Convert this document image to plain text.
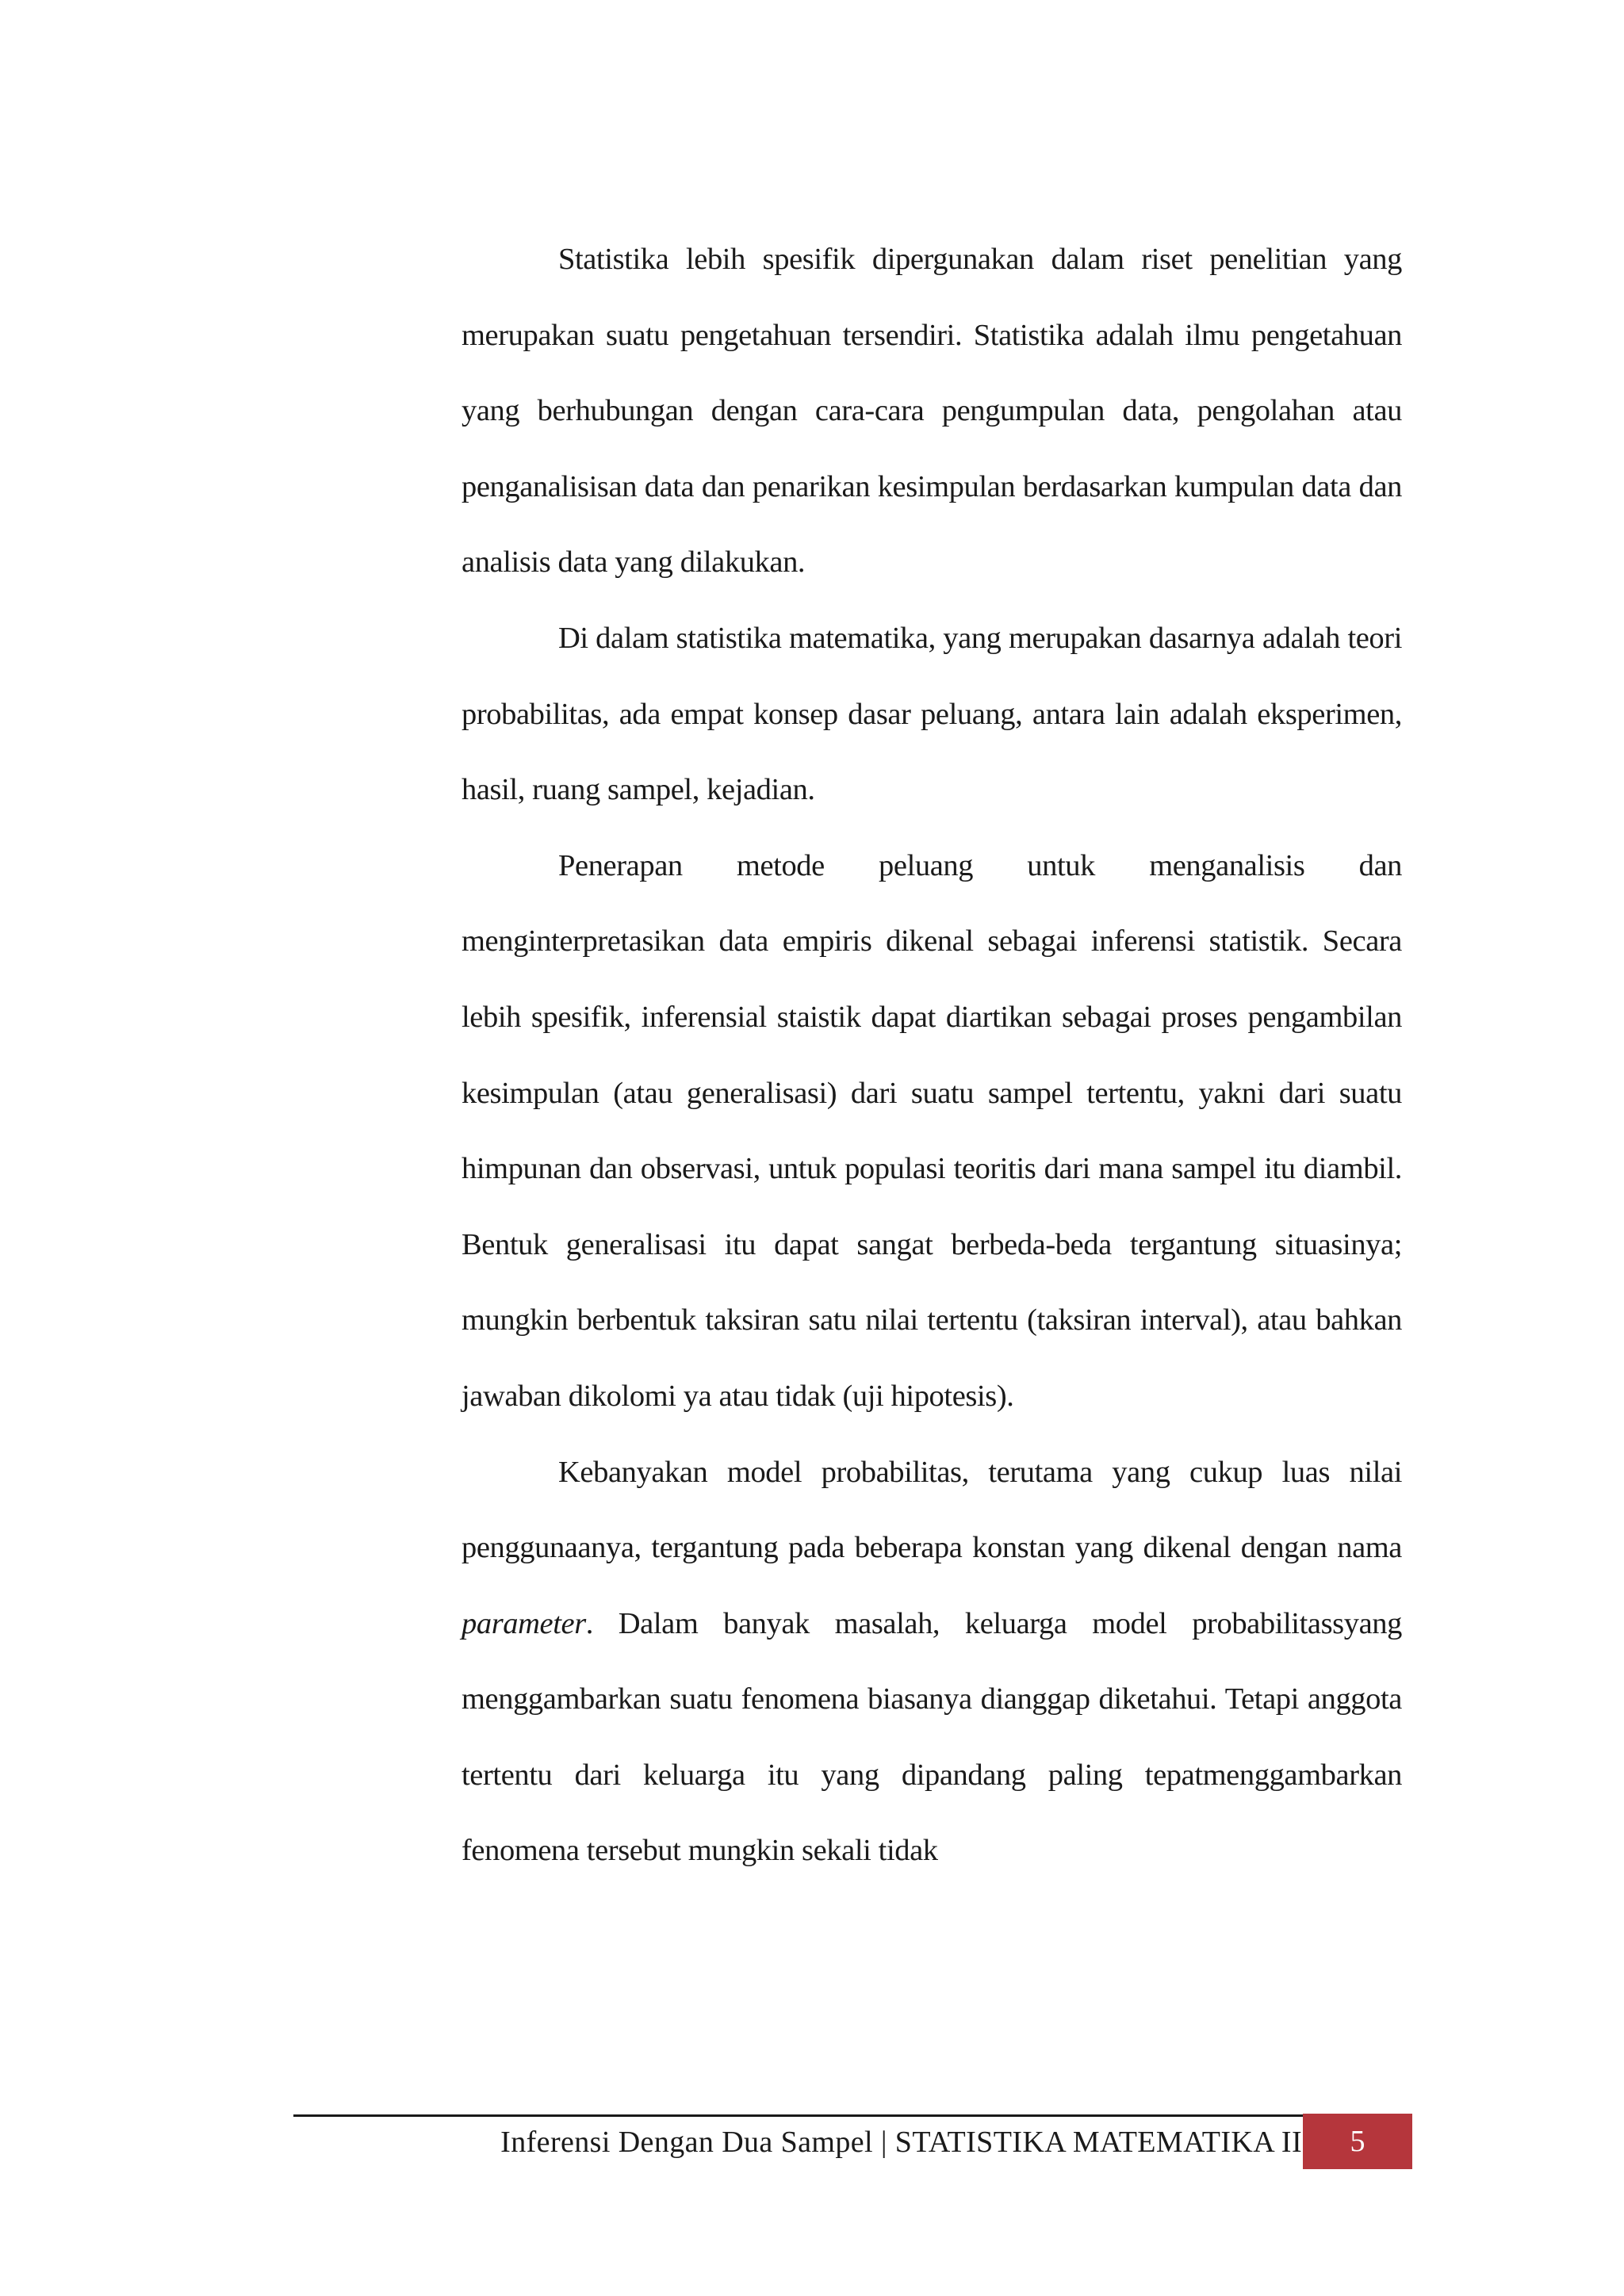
Statistika lebih spesifik dipergunakan dalam riset penelitian yang merupakan suatu pengetahuan tersendiri. Statistika adalah ilmu pengetahuan yang berhubungan dengan cara-cara pengumpulan data, pengolahan atau penganalisisan data dan penarikan kesimpulan berdasarkan kumpulan data dan analisis data yang dilakukan.

Di dalam statistika matematika, yang merupakan dasarnya adalah teori probabilitas, ada empat konsep dasar peluang, antara lain adalah eksperimen, hasil, ruang sampel, kejadian.

Penerapan metode peluang untuk menganalisis dan menginterpretasikan data empiris dikenal sebagai inferensi statistik. Secara lebih spesifik, inferensial staistik dapat diartikan sebagai proses pengambilan kesimpulan (atau generalisasi) dari suatu sampel tertentu, yakni dari suatu himpunan dan observasi, untuk populasi teoritis dari mana sampel itu diambil. Bentuk generalisasi itu dapat sangat berbeda-beda tergantung situasinya; mungkin berbentuk taksiran satu nilai tertentu (taksiran interval), atau bahkan jawaban dikolomi ya atau tidak (uji hipotesis).

Kebanyakan model probabilitas, terutama yang cukup luas nilai penggunaanya, tergantung pada beberapa konstan yang dikenal dengan nama parameter. Dalam banyak masalah, keluarga model probabilitassyang menggambarkan suatu fenomena biasanya dianggap diketahui. Tetapi anggota tertentu dari keluarga itu yang dipandang paling tepatmenggambarkan fenomena tersebut mungkin sekali tidak

Inferensi Dengan Dua Sampel | STATISTIKA MATEMATIKA II	5
